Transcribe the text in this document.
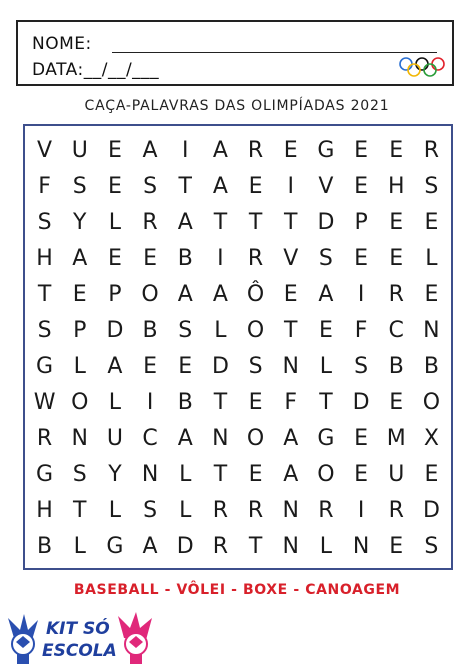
NOME:
DATA:__/__/___
CAÇA-PALAVRAS DAS OLIMPÍADAS 2021
V U E A	I	A R E G E E R
F S E S T A E	I	V E H S
S Y	L R A T T T D P E E
H A E E B	I	R V S E E	L
T E P O A A Ô E A	I	R E
S P D B S	L O T E F C N
G L A E E D S N L	S B B
W O L	I	B T E F	T D E O
R N U C A N O A G E M X
G S Y N L	T E A O E U E
H T	L	S	L R R N R	I	R D
B L G A D R T N L N E S
BASEBALL - VÔLEI - BOXE - CANOAGEM
KIT SÓ
ESCOLA
